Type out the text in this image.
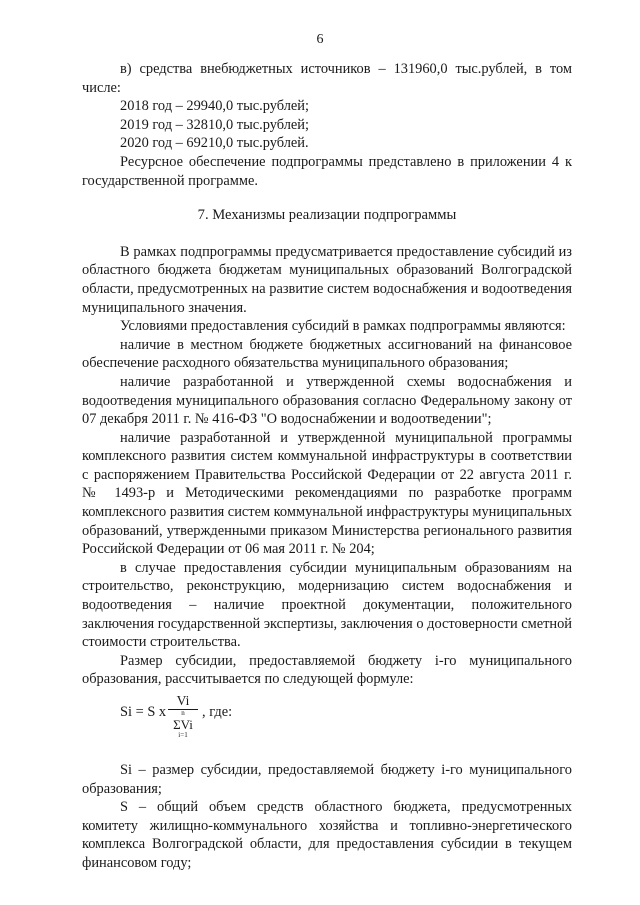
6

в) средства внебюджетных источников – 131960,0 тыс.рублей, в том числе:

2018 год – 29940,0 тыс.рублей;

2019 год – 32810,0 тыс.рублей;

2020 год – 69210,0 тыс.рублей.

Ресурсное обеспечение подпрограммы представлено в приложении 4 к государственной программе.

7. Механизмы реализации подпрограммы

В рамках подпрограммы предусматривается предоставление субсидий из областного бюджета бюджетам муниципальных образований Волгоградской области, предусмотренных на развитие систем водоснабжения и водоотведения муниципального значения.

Условиями предоставления субсидий в рамках подпрограммы являются:

наличие в местном бюджете бюджетных ассигнований на финансовое обеспечение расходного обязательства муниципального образования;

наличие разработанной и утвержденной схемы водоснабжения и водоотведения муниципального образования согласно Федеральному закону от 07 декабря 2011 г. № 416-ФЗ "О водоснабжении и водоотведении";

наличие разработанной и утвержденной муниципальной программы комплексного развития систем коммунальной инфраструктуры в соответствии с распоряжением Правительства Российской Федерации от 22 августа 2011 г. № 1493-р и Методическими рекомендациями по разработке программ комплексного развития систем коммунальной инфраструктуры муниципальных образований, утвержденными приказом Министерства регионального развития Российской Федерации от 06 мая 2011 г. № 204;

в случае предоставления субсидии муниципальным образованиям на строительство, реконструкцию, модернизацию систем водоснабжения и водоотведения – наличие проектной документации, положительного заключения государственной экспертизы, заключения о достоверности сметной стоимости строительства.

Размер субсидии, предоставляемой бюджету i-го муниципального образования, рассчитывается по следующей формуле:

Si = S x
Vi
n
ΣVi
i=1
, где:

Si – размер субсидии, предоставляемой бюджету i-го муниципального образования;

S – общий объем средств областного бюджета, предусмотренных комитету жилищно-коммунального хозяйства и топливно-энергетического комплекса Волгоградской области, для предоставления субсидии в текущем финансовом году;
